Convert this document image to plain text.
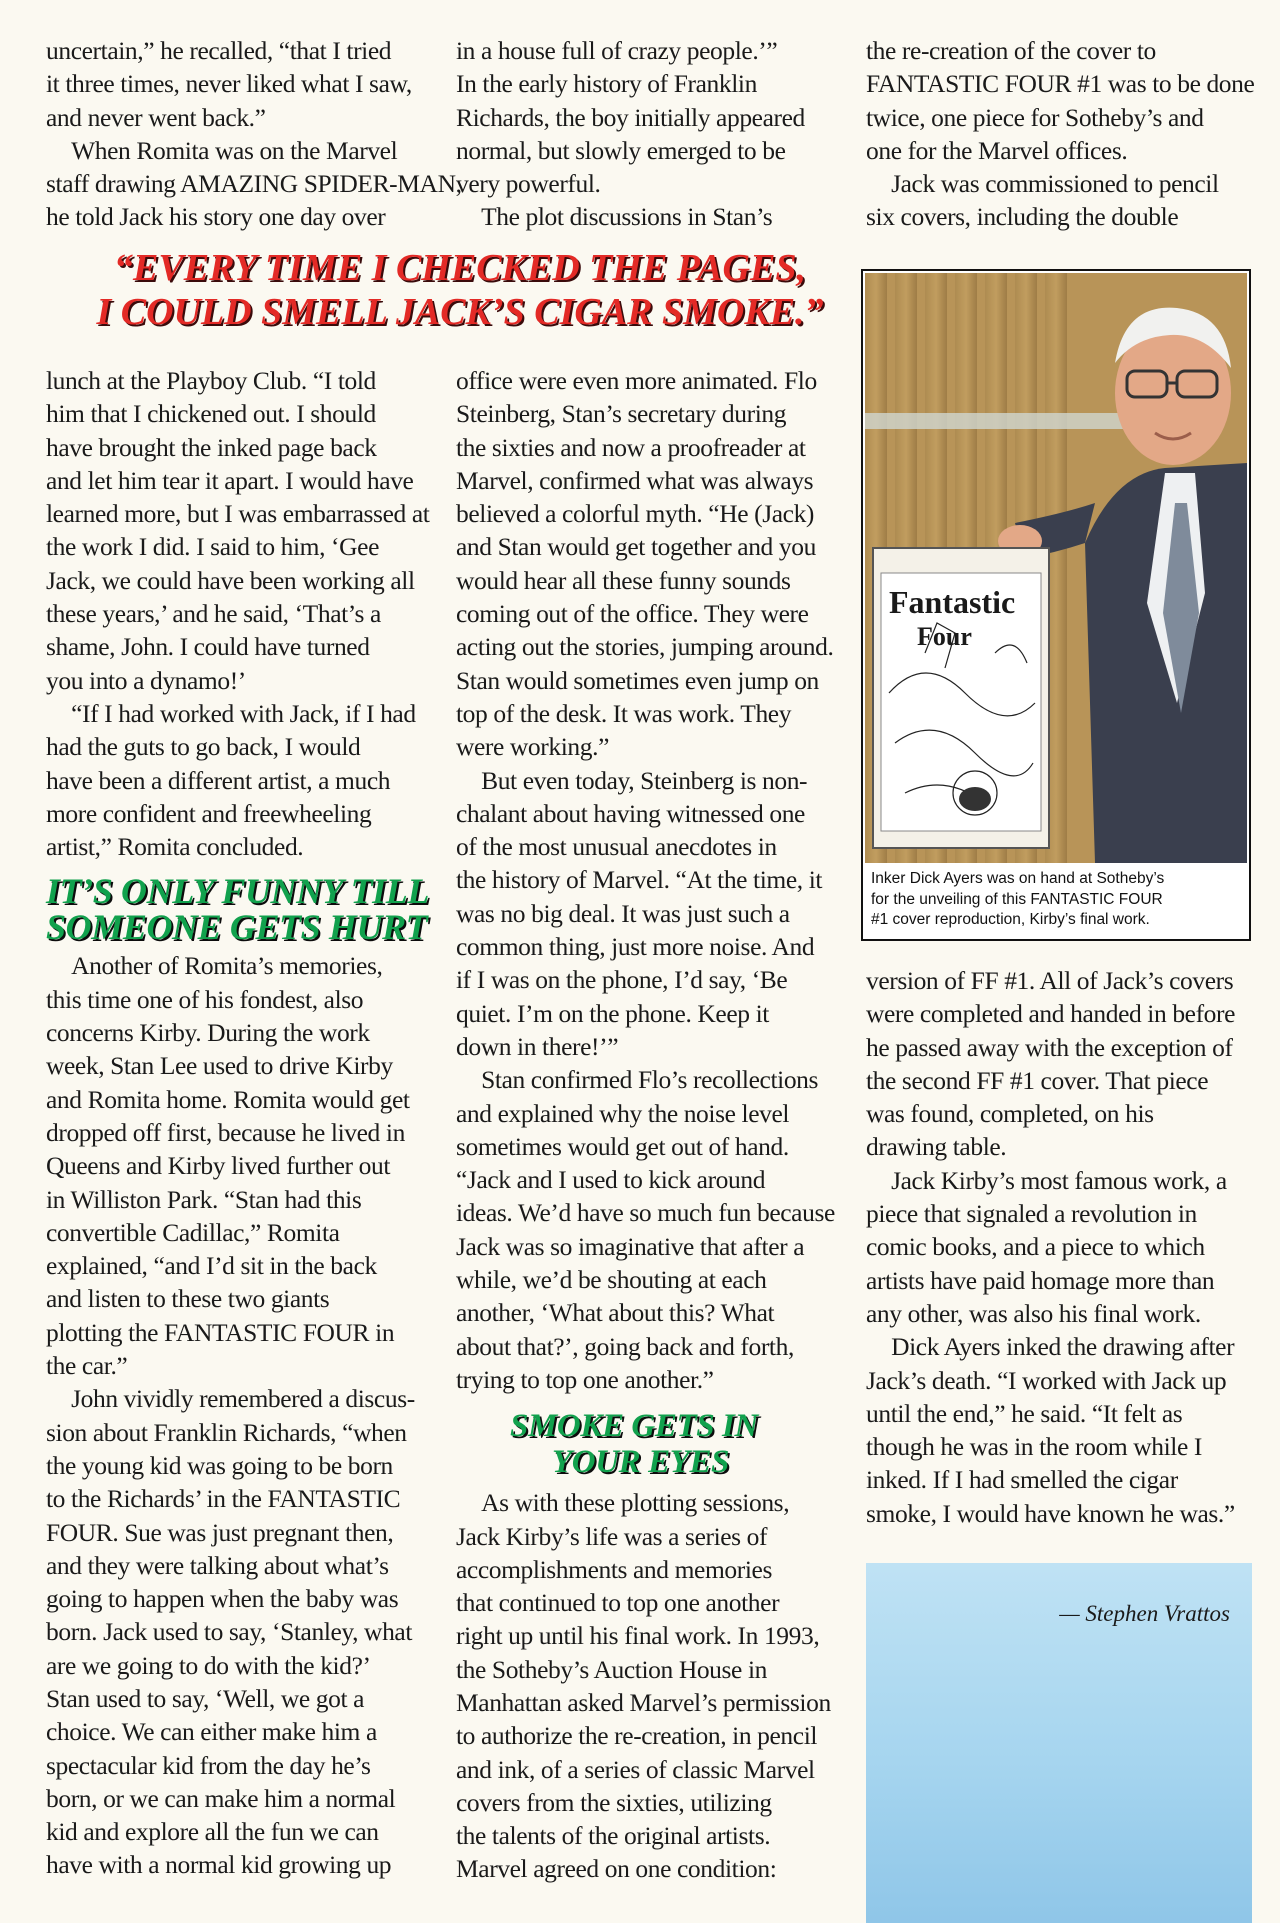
uncertain,” he recalled, “that I tried

it three times, never liked what I saw,

and never went back.”

 When Romita was on the Marvel

staff drawing AMAZING SPIDER-MAN,

he told Jack his story one day over

in a house full of crazy people.’”

In the early history of Franklin

Richards, the boy initially appeared

normal, but slowly emerged to be

very powerful.

 The plot discussions in Stan’s

the re-creation of the cover to

FANTASTIC FOUR #1 was to be done

twice, one piece for Sotheby’s and

one for the Marvel offices.

 Jack was commissioned to pencil

six covers, including the double

“EVERY TIME I CHECKED THE PAGES,
I COULD SMELL JACK’S CIGAR SMOKE.”

lunch at the Playboy Club. “I told

him that I chickened out. I should

have brought the inked page back

and let him tear it apart. I would have

learned more, but I was embarrassed at

the work I did. I said to him, ‘Gee

Jack, we could have been working all

these years,’ and he said, ‘That’s a

shame, John. I could have turned

you into a dynamo!’

 “If I had worked with Jack, if I had

had the guts to go back, I would

have been a different artist, a much

more confident and freewheeling

artist,” Romita concluded.

IT’S ONLY FUNNY TILL

SOMEONE GETS HURT

 Another of Romita’s memories,

this time one of his fondest, also

concerns Kirby. During the work

week, Stan Lee used to drive Kirby

and Romita home. Romita would get

dropped off first, because he lived in

Queens and Kirby lived further out

in Williston Park. “Stan had this

convertible Cadillac,” Romita

explained, “and I’d sit in the back

and listen to these two giants

plotting the FANTASTIC FOUR in

the car.”

 John vividly remembered a discus-

sion about Franklin Richards, “when

the young kid was going to be born

to the Richards’ in the FANTASTIC

FOUR. Sue was just pregnant then,

and they were talking about what’s

going to happen when the baby was

born. Jack used to say, ‘Stanley, what

are we going to do with the kid?’

Stan used to say, ‘Well, we got a

choice. We can either make him a

spectacular kid from the day he’s

born, or we can make him a normal

kid and explore all the fun we can

have with a normal kid growing up

office were even more animated. Flo

Steinberg, Stan’s secretary during

the sixties and now a proofreader at

Marvel, confirmed what was always

believed a colorful myth. “He (Jack)

and Stan would get together and you

would hear all these funny sounds

coming out of the office. They were

acting out the stories, jumping around.

Stan would sometimes even jump on

top of the desk. It was work. They

were working.”

 But even today, Steinberg is non-

chalant about having witnessed one

of the most unusual anecdotes in

the history of Marvel. “At the time, it

was no big deal. It was just such a

common thing, just more noise. And

if I was on the phone, I’d say, ‘Be

quiet. I’m on the phone. Keep it

down in there!’”

 Stan confirmed Flo’s recollections

and explained why the noise level

sometimes would get out of hand.

“Jack and I used to kick around

ideas. We’d have so much fun because

Jack was so imaginative that after a

while, we’d be shouting at each

another, ‘What about this? What

about that?’, going back and forth,

trying to top one another.”

SMOKE GETS IN

YOUR EYES

 As with these plotting sessions,

Jack Kirby’s life was a series of

accomplishments and memories

that continued to top one another

right up until his final work. In 1993,

the Sotheby’s Auction House in

Manhattan asked Marvel’s permission

to authorize the re-creation, in pencil

and ink, of a series of classic Marvel

covers from the sixties, utilizing

the talents of the original artists.

Marvel agreed on one condition:

Fantastic
Four
Inker Dick Ayers was on hand at Sotheby’s
for the unveiling of this FANTASTIC FOUR
#1 cover reproduction, Kirby’s final work.

version of FF #1. All of Jack’s covers

were completed and handed in before

he passed away with the exception of

the second FF #1 cover. That piece

was found, completed, on his

drawing table.

 Jack Kirby’s most famous work, a

piece that signaled a revolution in

comic books, and a piece to which

artists have paid homage more than

any other, was also his final work.

 Dick Ayers inked the drawing after

Jack’s death. “I worked with Jack up

until the end,” he said. “It felt as

though he was in the room while I

inked. If I had smelled the cigar

smoke, I would have known he was.”

— Stephen Vrattos
